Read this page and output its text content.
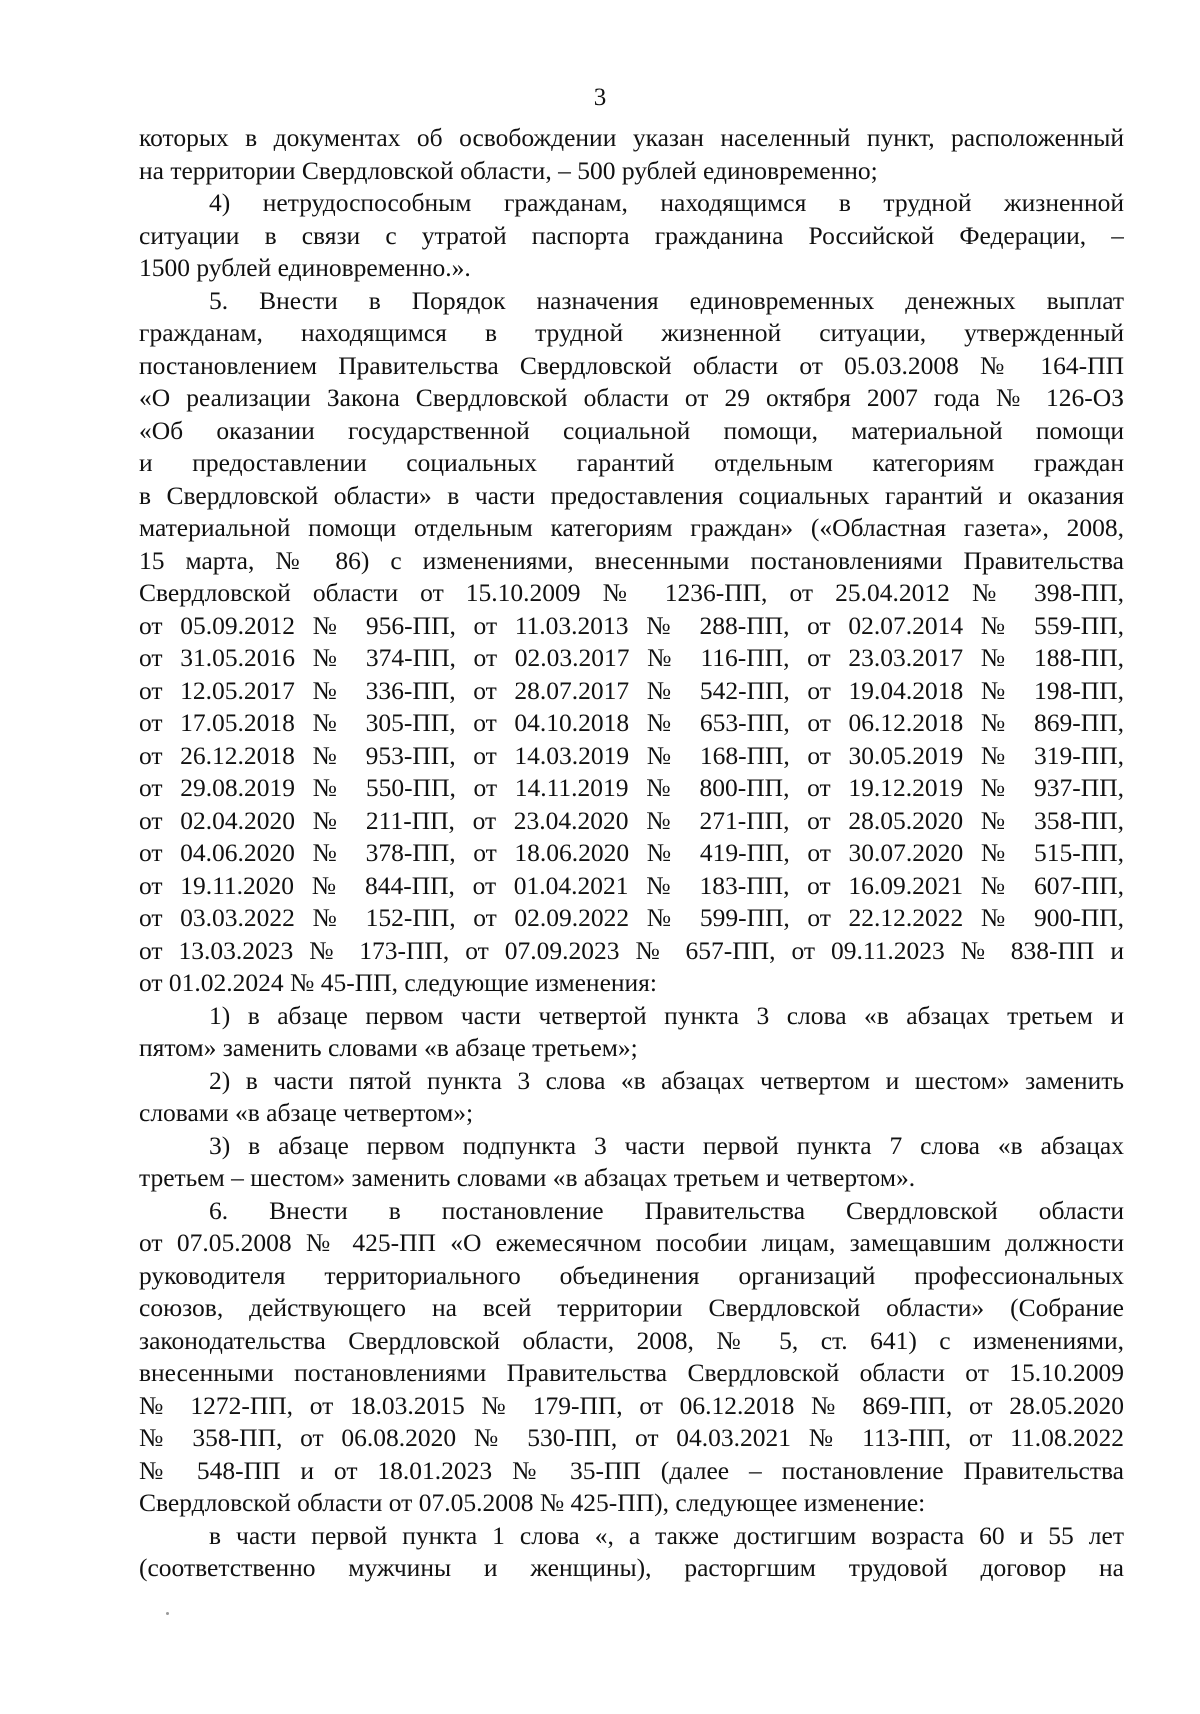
3
которых в документах об освобождении указан населенный пункт, расположенный
на территории Свердловской области, – 500 рублей единовременно;
4) нетрудоспособным гражданам, находящимся в трудной жизненной
ситуации в связи с утратой паспорта гражданина Российской Федерации, –
1500 рублей единовременно.».
5. Внести в Порядок назначения единовременных денежных выплат
гражданам, находящимся в трудной жизненной ситуации, утвержденный
постановлением Правительства Свердловской области от 05.03.2008 № 164-ПП
«О реализации Закона Свердловской области от 29 октября 2007 года № 126-ОЗ
«Об оказании государственной социальной помощи, материальной помощи
и предоставлении социальных гарантий отдельным категориям граждан
в Свердловской области» в части предоставления социальных гарантий и оказания
материальной помощи отдельным категориям граждан» («Областная газета», 2008,
15 марта, № 86) с изменениями, внесенными постановлениями Правительства
Свердловской области от 15.10.2009 № 1236-ПП, от 25.04.2012 № 398-ПП,
от 05.09.2012 № 956-ПП, от 11.03.2013 № 288-ПП, от 02.07.2014 № 559-ПП,
от 31.05.2016 № 374-ПП, от 02.03.2017 № 116-ПП, от 23.03.2017 № 188-ПП,
от 12.05.2017 № 336-ПП, от 28.07.2017 № 542-ПП, от 19.04.2018 № 198-ПП,
от 17.05.2018 № 305-ПП, от 04.10.2018 № 653-ПП, от 06.12.2018 № 869-ПП,
от 26.12.2018 № 953-ПП, от 14.03.2019 № 168-ПП, от 30.05.2019 № 319-ПП,
от 29.08.2019 № 550-ПП, от 14.11.2019 № 800-ПП, от 19.12.2019 № 937-ПП,
от 02.04.2020 № 211-ПП, от 23.04.2020 № 271-ПП, от 28.05.2020 № 358-ПП,
от 04.06.2020 № 378-ПП, от 18.06.2020 № 419-ПП, от 30.07.2020 № 515-ПП,
от 19.11.2020 № 844-ПП, от 01.04.2021 № 183-ПП, от 16.09.2021 № 607-ПП,
от 03.03.2022 № 152-ПП, от 02.09.2022 № 599-ПП, от 22.12.2022 № 900-ПП,
от 13.03.2023 № 173-ПП, от 07.09.2023 № 657-ПП, от 09.11.2023 № 838-ПП и
от 01.02.2024 № 45-ПП, следующие изменения:
1) в абзаце первом части четвертой пункта 3 слова «в абзацах третьем и
пятом» заменить словами «в абзаце третьем»;
2) в части пятой пункта 3 слова «в абзацах четвертом и шестом» заменить
словами «в абзаце четвертом»;
3) в абзаце первом подпункта 3 части первой пункта 7 слова «в абзацах
третьем – шестом» заменить словами «в абзацах третьем и четвертом».
6. Внести в постановление Правительства Свердловской области
от 07.05.2008 № 425-ПП «О ежемесячном пособии лицам, замещавшим должности
руководителя территориального объединения организаций профессиональных
союзов, действующего на всей территории Свердловской области» (Собрание
законодательства Свердловской области, 2008, № 5, ст. 641) с изменениями,
внесенными постановлениями Правительства Свердловской области от 15.10.2009
№ 1272-ПП, от 18.03.2015 № 179-ПП, от 06.12.2018 № 869-ПП, от 28.05.2020
№ 358-ПП, от 06.08.2020 № 530-ПП, от 04.03.2021 № 113-ПП, от 11.08.2022
№ 548-ПП и от 18.01.2023 № 35-ПП (далее – постановление Правительства
Свердловской области от 07.05.2008 № 425-ПП), следующее изменение:
в части первой пункта 1 слова «, а также достигшим возраста 60 и 55 лет
(соответственно мужчины и женщины), расторгшим трудовой договор на
